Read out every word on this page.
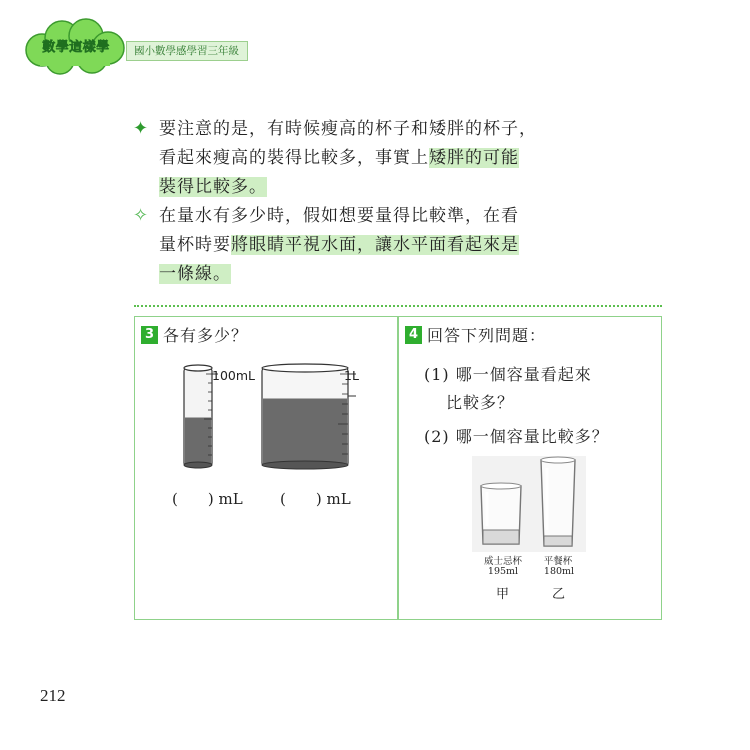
數學這樣學	國小數學感學習三年級
✦ 要注意的是，有時候瘦高的杯子和矮胖的杯子，
看起來瘦高的裝得比較多，事實上矮胖的可能
裝得比較多。
✧ 在量水有多少時，假如想要量得比較準，在看
量杯時要將眼睛平視水面，讓水平面看起來是
一條線。
3 各有多少？
100mL	1L
(　　) mL (　　) mL
4 回答下列問題：
(1) 哪一個容量看起來
比較多？
(2) 哪一個容量比較多？
威士忌杯
195ml
平餐杯
180ml
甲	乙
212
